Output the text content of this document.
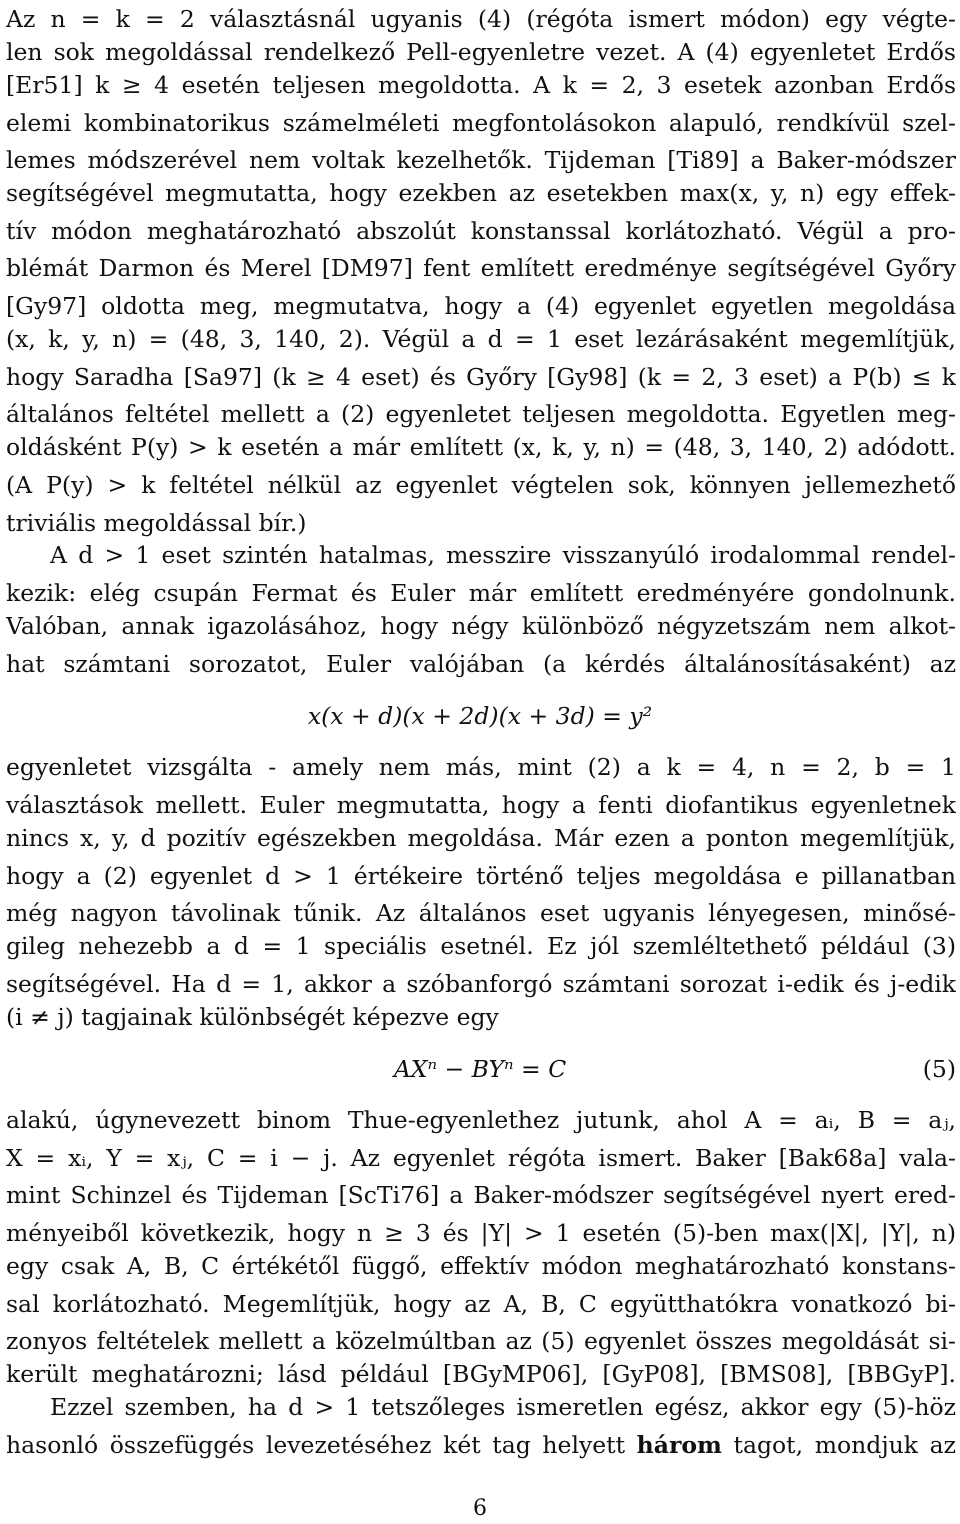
Az n = k = 2 választásnál ugyanis (4) (régóta ismert módon) egy végte-
len sok megoldással rendelkező Pell-egyenletre vezet. A (4) egyenletet Erdős
[Er51] k ≥ 4 esetén teljesen megoldotta. A k = 2, 3 esetek azonban Erdős
elemi kombinatorikus számelméleti megfontolásokon alapuló, rendkívül szel-
lemes módszerével nem voltak kezelhetők. Tijdeman [Ti89] a Baker-módszer
segítségével megmutatta, hogy ezekben az esetekben max(x, y, n) egy effek-
tív módon meghatározható abszolút konstanssal korlátozható. Végül a pro-
blémát Darmon és Merel [DM97] fent említett eredménye segítségével Győry
[Gy97] oldotta meg, megmutatva, hogy a (4) egyenlet egyetlen megoldása
(x, k, y, n) = (48, 3, 140, 2). Végül a d = 1 eset lezárásaként megemlítjük,
hogy Saradha [Sa97] (k ≥ 4 eset) és Győry [Gy98] (k = 2, 3 eset) a P(b) ≤ k
általános feltétel mellett a (2) egyenletet teljesen megoldotta. Egyetlen meg-
oldásként P(y) > k esetén a már említett (x, k, y, n) = (48, 3, 140, 2) adódott.
(A P(y) > k feltétel nélkül az egyenlet végtelen sok, könnyen jellemezhető
triviális megoldással bír.)
A d > 1 eset szintén hatalmas, messzire visszanyúló irodalommal rendel-
kezik: elég csupán Fermat és Euler már említett eredményére gondolnunk.
Valóban, annak igazolásához, hogy négy különböző négyzetszám nem alkot-
hat számtani sorozatot, Euler valójában (a kérdés általánosításaként) az
x(x + d)(x + 2d)(x + 3d) = y²
egyenletet vizsgálta - amely nem más, mint (2) a k = 4, n = 2, b = 1
választások mellett. Euler megmutatta, hogy a fenti diofantikus egyenletnek
nincs x, y, d pozitív egészekben megoldása. Már ezen a ponton megemlítjük,
hogy a (2) egyenlet d > 1 értékeire történő teljes megoldása e pillanatban
még nagyon távolinak tűnik. Az általános eset ugyanis lényegesen, minősé-
gileg nehezebb a d = 1 speciális esetnél. Ez jól szemléltethető például (3)
segítségével. Ha d = 1, akkor a szóbanforgó számtani sorozat i-edik és j-edik
(i ≠ j) tagjainak különbségét képezve egy
AXⁿ − BYⁿ = C	(5)
alakú, úgynevezett binom Thue-egyenlethez jutunk, ahol A = aᵢ, B = aⱼ,
X = xᵢ, Y = xⱼ, C = i − j. Az egyenlet régóta ismert. Baker [Bak68a] vala-
mint Schinzel és Tijdeman [ScTi76] a Baker-módszer segítségével nyert ered-
ményeiből következik, hogy n ≥ 3 és |Y| > 1 esetén (5)-ben max(|X|, |Y|, n)
egy csak A, B, C értékétől függő, effektív módon meghatározható konstans-
sal korlátozható. Megemlítjük, hogy az A, B, C együtthatókra vonatkozó bi-
zonyos feltételek mellett a közelmúltban az (5) egyenlet összes megoldását si-
került meghatározni; lásd például [BGyMP06], [GyP08], [BMS08], [BBGyP].
Ezzel szemben, ha d > 1 tetszőleges ismeretlen egész, akkor egy (5)-höz
hasonló összefüggés levezetéséhez két tag helyett három tagot, mondjuk az
6
